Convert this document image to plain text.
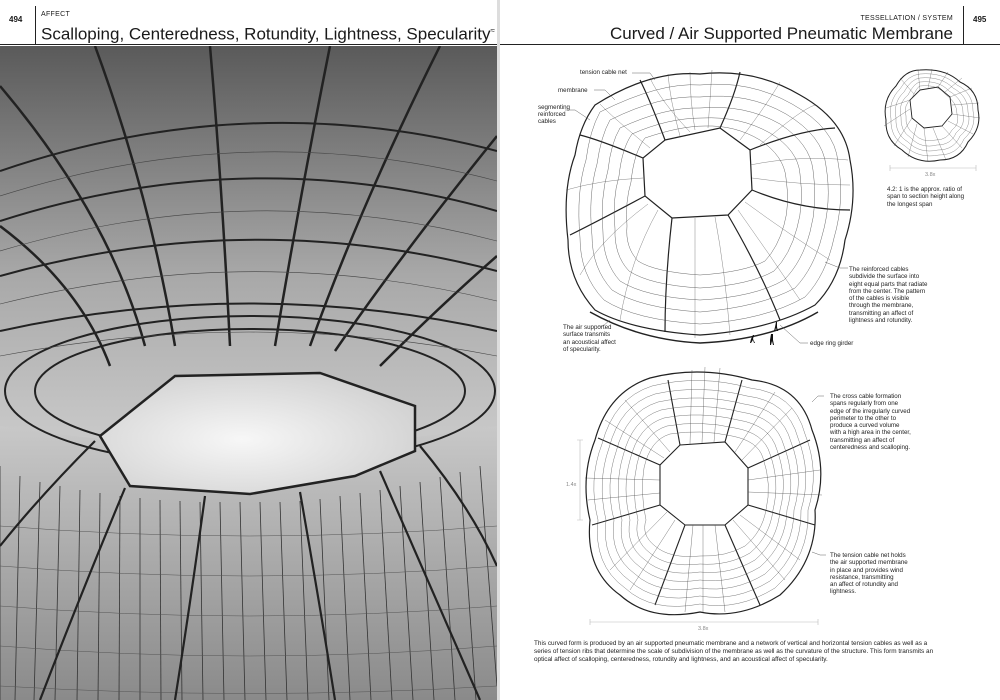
494
AFFECT
Scalloping, Centeredness, Rotundity, Lightness, Specularity≈
TESSELLATION / SYSTEM
Curved / Air Supported Pneumatic Membrane
495
tension cable net
membrane
segmenting
reinforced
cables
edge ring girder
3.8x
1.4x
3.8x
4.2: 1 is the approx. ratio of
span to section height along
the longest span
The reinforced cables
subdivide the surface into
eight equal parts that radiate
from the center. The pattern
of the cables is visible
through the membrane,
transmitting an affect of
lightness and rotundity.
The air supported
surface transmits
an acoustical affect
of specularity.
The cross cable formation
spans regularly from one
edge of the irregularly curved
perimeter to the other to
produce a curved volume
with a high area in the center,
transmitting an affect of
centeredness and scalloping.
The tension cable net holds
the air supported membrane
in place and provides wind
resistance, transmitting
an affect of rotundity and
lightness.
This curved form is produced by an air supported pneumatic membrane and a network of vertical and horizontal tension cables as well as a
series of tension ribs that determine the scale of subdivision of the membrane as well as the curvature of the structure. This form transmits an
optical affect of scalloping, centeredness, rotundity and lightness, and an acoustical affect of specularity.
